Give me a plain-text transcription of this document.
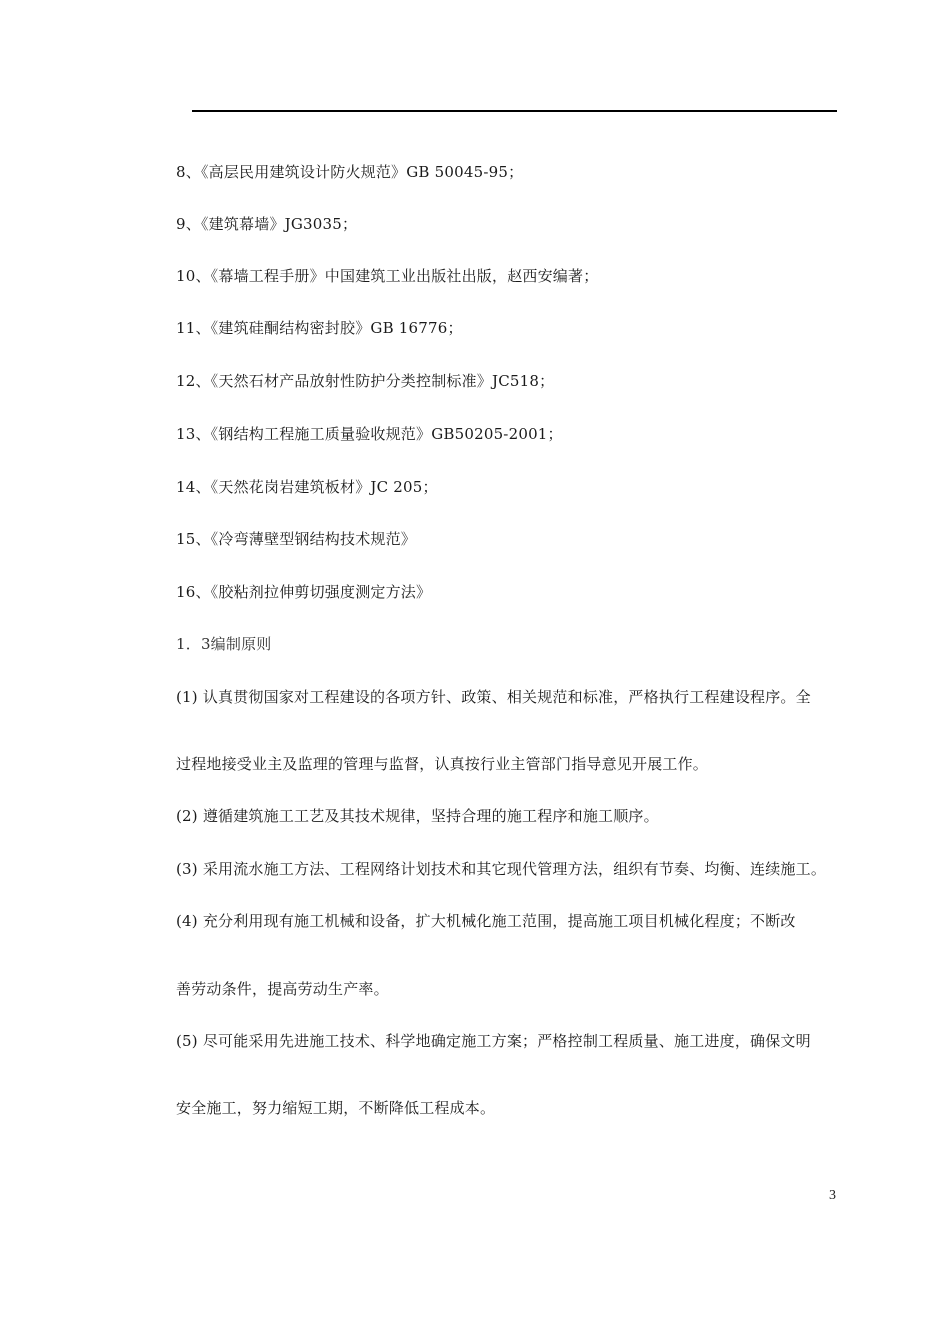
8、《高层民用建筑设计防火规范》GB 50045-95；
9、《建筑幕墙》JG3035；
10、《幕墙工程手册》中国建筑工业出版社出版，赵西安编著；
11、《建筑硅酮结构密封胶》GB 16776；
12、《天然石材产品放射性防护分类控制标准》JC518；
13、《钢结构工程施工质量验收规范》GB50205-2001；
14、《天然花岗岩建筑板材》JC 205；
15、《冷弯薄壁型钢结构技术规范》
16、《胶粘剂拉伸剪切强度测定方法》
1．3编制原则
(1) 认真贯彻国家对工程建设的各项方针、政策、相关规范和标准，严格执行工程建设程序。全
过程地接受业主及监理的管理与监督，认真按行业主管部门指导意见开展工作。
(2) 遵循建筑施工工艺及其技术规律，坚持合理的施工程序和施工顺序。
(3) 采用流水施工方法、工程网络计划技术和其它现代管理方法，组织有节奏、均衡、连续施工。
(4) 充分利用现有施工机械和设备，扩大机械化施工范围，提高施工项目机械化程度；不断改
善劳动条件，提高劳动生产率。
(5) 尽可能采用先进施工技术、科学地确定施工方案；严格控制工程质量、施工进度，确保文明
安全施工，努力缩短工期，不断降低工程成本。
3
